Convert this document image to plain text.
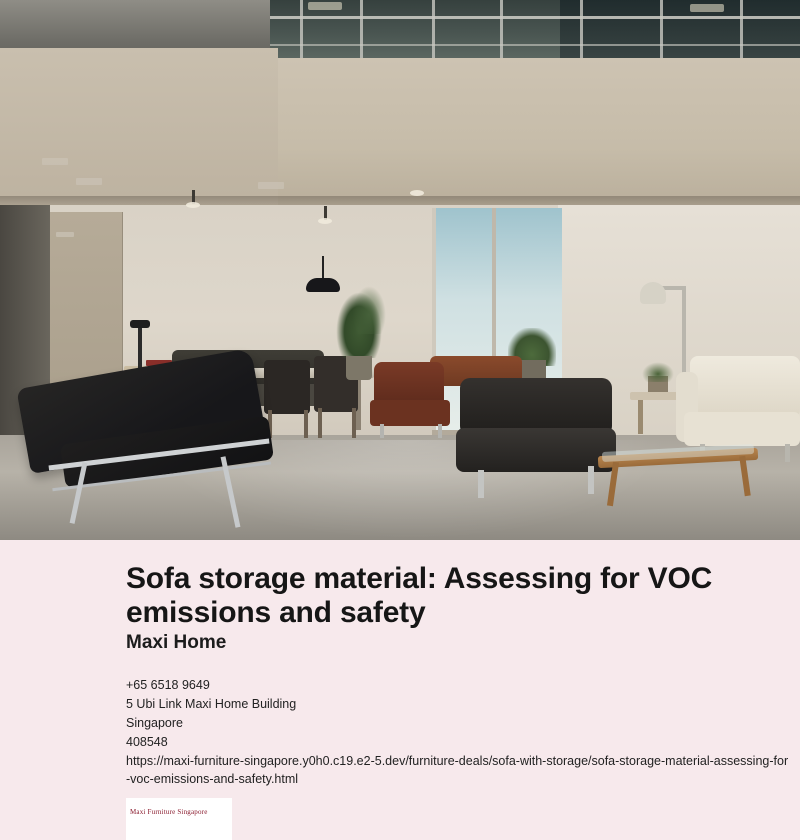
Sofa storage material: Assessing for VOC emissions and safety
Maxi Home
+65 6518 9649
5 Ubi Link Maxi Home Building
Singapore
408548
https://maxi-furniture-singapore.y0h0.c19.e2-5.dev/furniture-deals/sofa-with-storage/sofa-storage-material-assessing-for-voc-emissions-and-safety.html
Maxi Furniture Singapore
